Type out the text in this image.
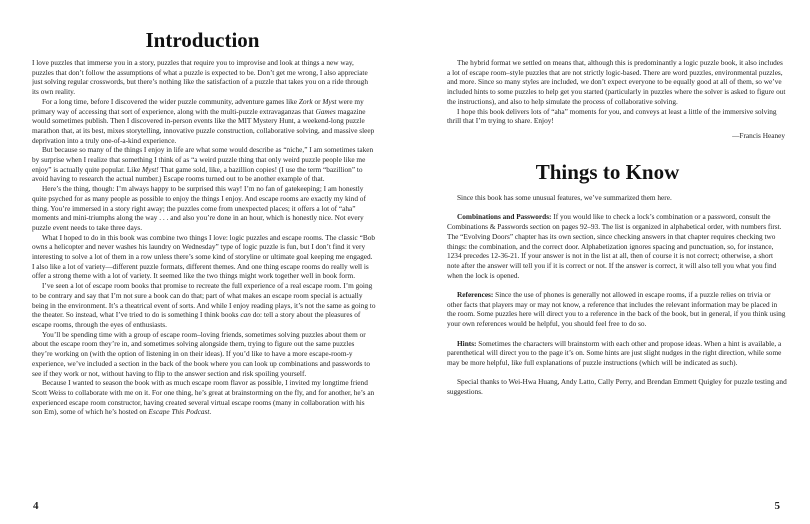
Introduction

I love puzzles that immerse you in a story, puzzles that require you to improvise and look at things a new way, puzzles that don’t follow the assumptions of what a puzzle is expected to be. Don’t get me wrong, I also appreciate just solving regular crosswords, but there’s nothing like the satisfaction of a puzzle that takes you on a ride through its own reality.

For a long time, before I discovered the wider puzzle community, adventure games like Zork or Myst were my primary way of accessing that sort of experience, along with the multi-puzzle extravaganzas that Games magazine would sometimes publish. Then I discovered in-person events like the MIT Mystery Hunt, a weekend-long puzzle marathon that, at its best, mixes storytelling, innovative puzzle construction, collaborative solving, and massive sleep deprivation into a truly one-of-a-kind experience.

But because so many of the things I enjoy in life are what some would describe as “niche,” I am sometimes taken by surprise when I realize that something I think of as “a weird puzzle thing that only weird puzzle people like me enjoy” is actually quite popular. Like Myst! That game sold, like, a bazillion copies! (I use the term “bazillion” to avoid having to research the actual number.) Escape rooms turned out to be another example of that.

Here’s the thing, though: I’m always happy to be surprised this way! I’m no fan of gatekeeping; I am honestly quite psyched for as many people as possible to enjoy the things I enjoy. And escape rooms are exactly my kind of thing. You’re immersed in a story right away; the puzzles come from unexpected places; it offers a lot of “aha” moments and mini-triumphs along the way . . . and also you’re done in an hour, which is honestly nice. Not every puzzle event needs to take three days.

What I hoped to do in this book was combine two things I love: logic puzzles and escape rooms. The classic “Bob owns a helicopter and never washes his laundry on Wednesday” type of logic puzzle is fun, but I don’t find it very interesting to solve a lot of them in a row unless there’s some kind of storyline or ultimate goal keeping me engaged. I also like a lot of variety—different puzzle formats, different themes. And one thing escape rooms do really well is offer a strong theme with a lot of variety. It seemed like the two things might work together well in book form.

I’ve seen a lot of escape room books that promise to recreate the full experience of a real escape room. I’m going to be contrary and say that I’m not sure a book can do that; part of what makes an escape room special is actually being in the environment. It’s a theatrical event of sorts. And while I enjoy reading plays, it’s not the same as going to the theater. So instead, what I’ve tried to do is something I think books can do: tell a story about the pleasures of escape rooms, through the eyes of enthusiasts.

You’ll be spending time with a group of escape room–loving friends, sometimes solving puzzles about them or about the escape room they’re in, and sometimes solving alongside them, trying to figure out the same puzzles they’re working on (with the option of listening in on their ideas). If you’d like to have a more escape-room-y experience, we’ve included a section in the back of the book where you can look up combinations and passwords to see if they work or not, without having to flip to the answer section and risk spoiling yourself.

Because I wanted to season the book with as much escape room flavor as possible, I invited my longtime friend Scott Weiss to collaborate with me on it. For one thing, he’s great at brainstorming on the fly, and for another, he’s an experienced escape room constructor, having created several virtual escape rooms (many in collaboration with his son Em), some of which he’s hosted on Escape This Podcast.

4

The hybrid format we settled on means that, although this is predominantly a logic puzzle book, it also includes a lot of escape room–style puzzles that are not strictly logic-based. There are word puzzles, environmental puzzles, and more. Since so many styles are included, we don’t expect everyone to be equally good at all of them, so we’ve included hints to some puzzles to help get you started (particularly in puzzles where the solver is asked to figure out the instructions), and also to help simulate the process of collaborative solving.

I hope this book delivers lots of “aha” moments for you, and conveys at least a little of the immersive solving thrill that I’m trying to share. Enjoy!

—Francis Heaney
Things to Know

Since this book has some unusual features, we’ve summarized them here.

Combinations and Passwords: If you would like to check a lock’s combination or a password, consult the Combinations & Passwords section on pages 92–93. The list is organized in alphabetical order, with numbers first. The “Evolving Doors” chapter has its own section, since checking answers in that chapter requires checking two things: the combination, and the correct door. Alphabetization ignores spacing and punctuation, so, for instance, 1234 precedes 12-36-21. If your answer is not in the list at all, then of course it is not correct; otherwise, a short note after the answer will tell you if it is correct or not. If the answer is correct, it will also tell you what you find when the lock is opened.

References: Since the use of phones is generally not allowed in escape rooms, if a puzzle relies on trivia or other facts that players may or may not know, a reference that includes the relevant information may be placed in the room. Some puzzles here will direct you to a reference in the back of the book, but in general, if you think using your own references would be helpful, you should feel free to do so.

Hints: Sometimes the characters will brainstorm with each other and propose ideas. When a hint is available, a parenthetical will direct you to the page it’s on. Some hints are just slight nudges in the right direction, while some may be more helpful, like full explanations of puzzle instructions (which will be indicated as such).

Special thanks to Wei-Hwa Huang, Andy Latto, Cally Perry, and Brendan Emmett Quigley for puzzle testing and suggestions.

5
